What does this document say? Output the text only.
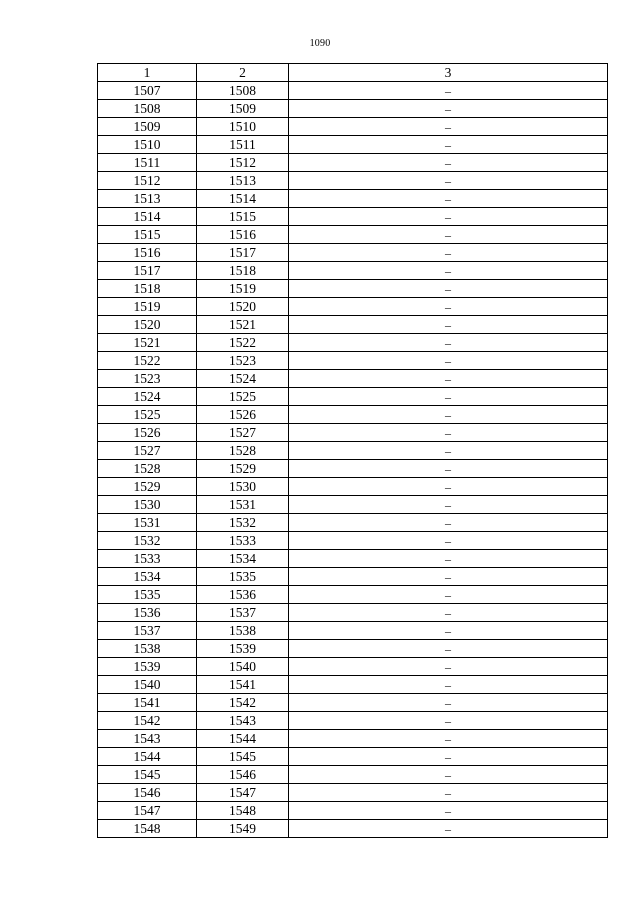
1090
1	2	3
1507	1508	–
1508	1509	–
1509	1510	–
1510	1511	–
1511	1512	–
1512	1513	–
1513	1514	–
1514	1515	–
1515	1516	–
1516	1517	–
1517	1518	–
1518	1519	–
1519	1520	–
1520	1521	–
1521	1522	–
1522	1523	–
1523	1524	–
1524	1525	–
1525	1526	–
1526	1527	–
1527	1528	–
1528	1529	–
1529	1530	–
1530	1531	–
1531	1532	–
1532	1533	–
1533	1534	–
1534	1535	–
1535	1536	–
1536	1537	–
1537	1538	–
1538	1539	–
1539	1540	–
1540	1541	–
1541	1542	–
1542	1543	–
1543	1544	–
1544	1545	–
1545	1546	–
1546	1547	–
1547	1548	–
1548	1549	–
